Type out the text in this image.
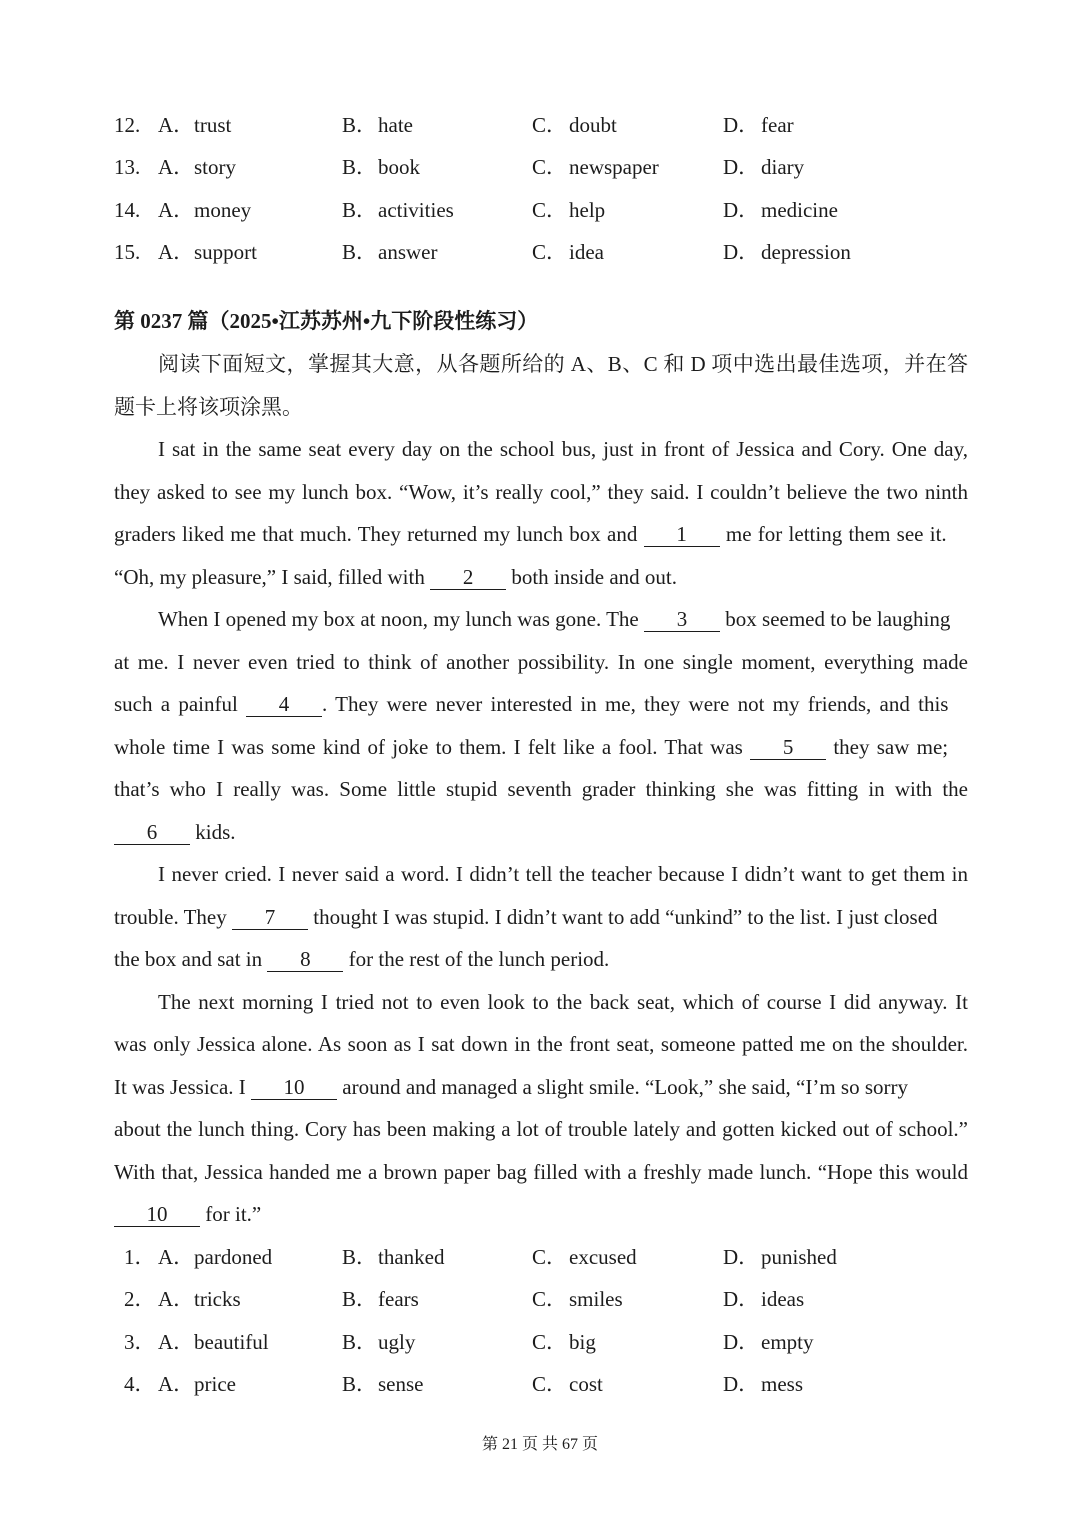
12. A． trust	B． hate	C． doubt	D． fear
13. A． story	B． book	C． newspaper	D． diary
14. A． money	B． activities	C． help	D． medicine
15. A． support	B． answer	C． idea	D． depression
第 0237 篇（2025•江苏苏州•九下阶段性练习）
阅读下面短文，掌握其大意，从各题所给的 A、B、C 和 D 项中选出最佳选项，并在答
题卡上将该项涂黑。
I sat in the same seat every day on the school bus, just in front of Jessica and Cory. One day,
they asked to see my lunch box. “Wow, it’s really cool,” they said. I couldn’t believe the two ninth
graders liked me that much. They returned my lunch box and 1 me for letting them see it.
“Oh, my pleasure,” I said, filled with 2 both inside and out.
When I opened my box at noon, my lunch was gone. The 3 box seemed to be laughing
at me. I never even tried to think of another possibility. In one single moment, everything made
such a painful 4 . They were never interested in me, they were not my friends, and this
whole time I was some kind of joke to them. I felt like a fool. That was 5 they saw me;
that’s who I really was. Some little stupid seventh grader thinking she was fitting in with the
6 kids.
I never cried. I never said a word. I didn’t tell the teacher because I didn’t want to get them in
trouble. They 7 thought I was stupid. I didn’t want to add “unkind” to the list. I just closed
the box and sat in 8 for the rest of the lunch period.
The next morning I tried not to even look to the back seat, which of course I did anyway. It
was only Jessica alone. As soon as I sat down in the front seat, someone patted me on the shoulder.
It was Jessica. I 10 around and managed a slight smile. “Look,” she said, “I’m so sorry
about the lunch thing. Cory has been making a lot of trouble lately and gotten kicked out of school.”
With that, Jessica handed me a brown paper bag filled with a freshly made lunch. “Hope this would
10 for it.”
1． A． pardoned	B． thanked	C． excused	D． punished
2． A． tricks	B． fears	C． smiles	D． ideas
3． A． beautiful	B． ugly	C． big	D． empty
4． A． price	B． sense	C． cost	D． mess
第 21 页 共 67 页
